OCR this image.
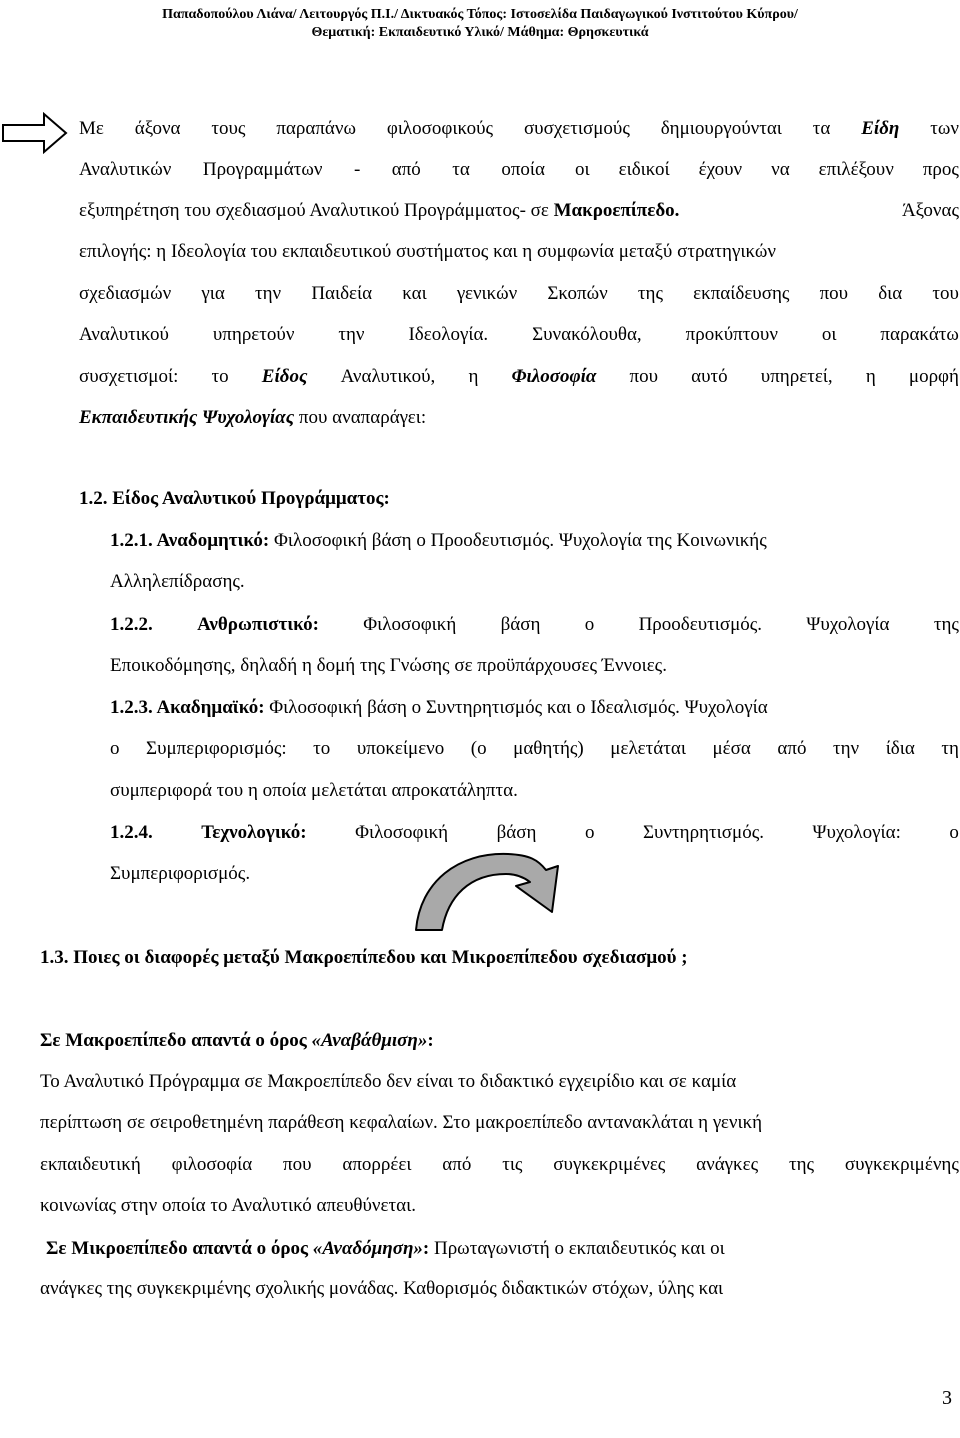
Παπαδοπούλου Λιάνα/ Λειτουργός Π.Ι./ Δικτυακός Τόπος: Ιστοσελίδα Παιδαγωγικού Ινστιτούτου Κύπρου/
Θεματική: Εκπαιδευτικό Υλικό/ Μάθημα: Θρησκευτικά
Με άξονα τους παραπάνω φιλοσοφικούς συσχετισμούς δημιουργούνται τα Είδη των
Αναλυτικών Προγραμμάτων - από τα οποία οι ειδικοί έχουν να επιλέξουν προς
εξυπηρέτηση του σχεδιασμού Αναλυτικού Προγράμματος- σε Μακροεπίπεδο.	Άξονας
επιλογής: η Ιδεολογία του εκπαιδευτικού συστήματος και η συμφωνία μεταξύ στρατηγικών
σχεδιασμών για την Παιδεία και γενικών Σκοπών της εκπαίδευσης που δια του
Αναλυτικού υπηρετούν την Ιδεολογία. Συνακόλουθα, προκύπτουν οι παρακάτω
συσχετισμοί: το Είδος Αναλυτικού, η Φιλοσοφία που αυτό υπηρετεί, η μορφή
Εκπαιδευτικής Ψυχολογίας που αναπαράγει:
1.2. Είδος Αναλυτικού Προγράμματος:
1.2.1. Αναδομητικό: Φιλοσοφική βάση ο Προοδευτισμός. Ψυχολογία της Κοινωνικής
Αλληλεπίδρασης.
1.2.2. Ανθρωπιστικό: Φιλοσοφική βάση ο Προοδευτισμός. Ψυχολογία της
Εποικοδόμησης, δηλαδή η δομή της Γνώσης σε προϋπάρχουσες Έννοιες.
1.2.3. Ακαδημαϊκό: Φιλοσοφική βάση ο Συντηρητισμός και ο Ιδεαλισμός. Ψυχολογία
ο Συμπεριφορισμός: το υποκείμενο (ο μαθητής) μελετάται μέσα από την ίδια τη
συμπεριφορά του η οποία μελετάται απροκατάληπτα.
1.2.4.	Τεχνολογικό:	Φιλοσοφική	βάση	ο	Συντηρητισμός.	Ψυχολογία:	ο
Συμπεριφορισμός.
1.3. Ποιες οι διαφορές μεταξύ Μακροεπίπεδου και Μικροεπίπεδου σχεδιασμού ;
Σε Μακροεπίπεδο απαντά ο όρος «Αναβάθμιση»:
Το Αναλυτικό Πρόγραμμα σε Μακροεπίπεδο δεν είναι το διδακτικό εγχειρίδιο και σε καμία
περίπτωση σε σειροθετημένη παράθεση κεφαλαίων. Στο μακροεπίπεδο αντανακλάται η γενική
εκπαιδευτική φιλοσοφία που απορρέει από τις συγκεκριμένες ανάγκες της συγκεκριμένης
κοινωνίας στην οποία το Αναλυτικό απευθύνεται.
Σε Μικροεπίπεδο απαντά ο όρος «Αναδόμηση»: Πρωταγωνιστή ο εκπαιδευτικός και οι
ανάγκες της συγκεκριμένης σχολικής μονάδας. Καθορισμός διδακτικών στόχων, ύλης και
3
